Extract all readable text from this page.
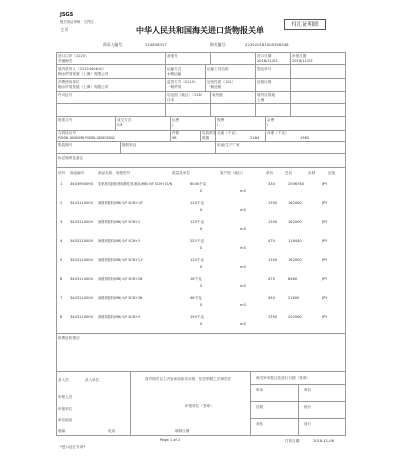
JSGS
报关单证审核 · 文件区
主页	中华人民共和国海关进口货物报关单
付汇证明联
预录入编号：	124836317	海关编号：	223520181000356348
进口口岸（2225）
外港海关
备案号	进口日期
2018/11/02
申报日期
2018/11/02
境内收货人（3122440610）
桐水贸易发展（上海）有限公司
运输方式
水路运输
运输工具名称	提运单号
消费使用单位
桐水贸易发展（上海）有限公司
监管方式（0110）
一般贸易
征免性质（101）
一般征税
征税比例
许可证号	启运国（地区）（116）
日本
装货港	境内目的地
上海
批准文号	成交方式
CIF
运费
/
保费
/
杂费
/
合同协议号
PGMJB-1806OMB PGMJB-1806O3SN2
件数
98
包装种类
纸箱
毛重（千克）
2184
净重（千克）
1962
集装箱号	随附单证	用途/生产厂家
标记唛码及备注
项号 商品编号	商品名称、规格型号	数量及单位	原产国（地区）	单价	总价	币制	征免
1 3403990090 非家禽类胶粘剂用醇性剂,制品(MB) 0/F SCM+15/N	6040千克
0	m3
334	2006760	JPY
2 3403110000 润滑剂原料(MB) 0/F SCM+1/F	120千克
0	m3
1350	162000	JPY
3 3403110000 润滑剂原料(MB) 0/F SCM+2	120千克
0	m3
1350	162000	JPY
4 3403110000 润滑剂原料(MB) 0/F SCM+2	252千克
0	m3
470	118440	JPY
5 3403110000 润滑剂原料(MB) 0/F SCM+1-F	120千克
0	m3
1350	162000	JPY
6 3403110000 润滑剂原料(MB) 0/F SCM+2N	18千克
0	m3
470	8460	JPY
7 3403110000 润滑剂原料(MB) 0/F SCM+3N	48千克
0	m3
450	21600	JPY
8 3403110000 润滑剂原料(MB) 0/F SCM+4	150千克
0	m3
1350	202500	JPY
税费征收情况
录入员	录入单位
申报人员
申报单位
单位地址
邮编	电话	填制日期
兹声明对以上内容承担如实申报、依法纳税之法律责任
申报单位（签章）
海关审单批注及放行日期（签章）
审单	审价
征税	统计
查验	放行
Page 1 of 2
*进口证汇专用*
打印日期：	2018-11-06
